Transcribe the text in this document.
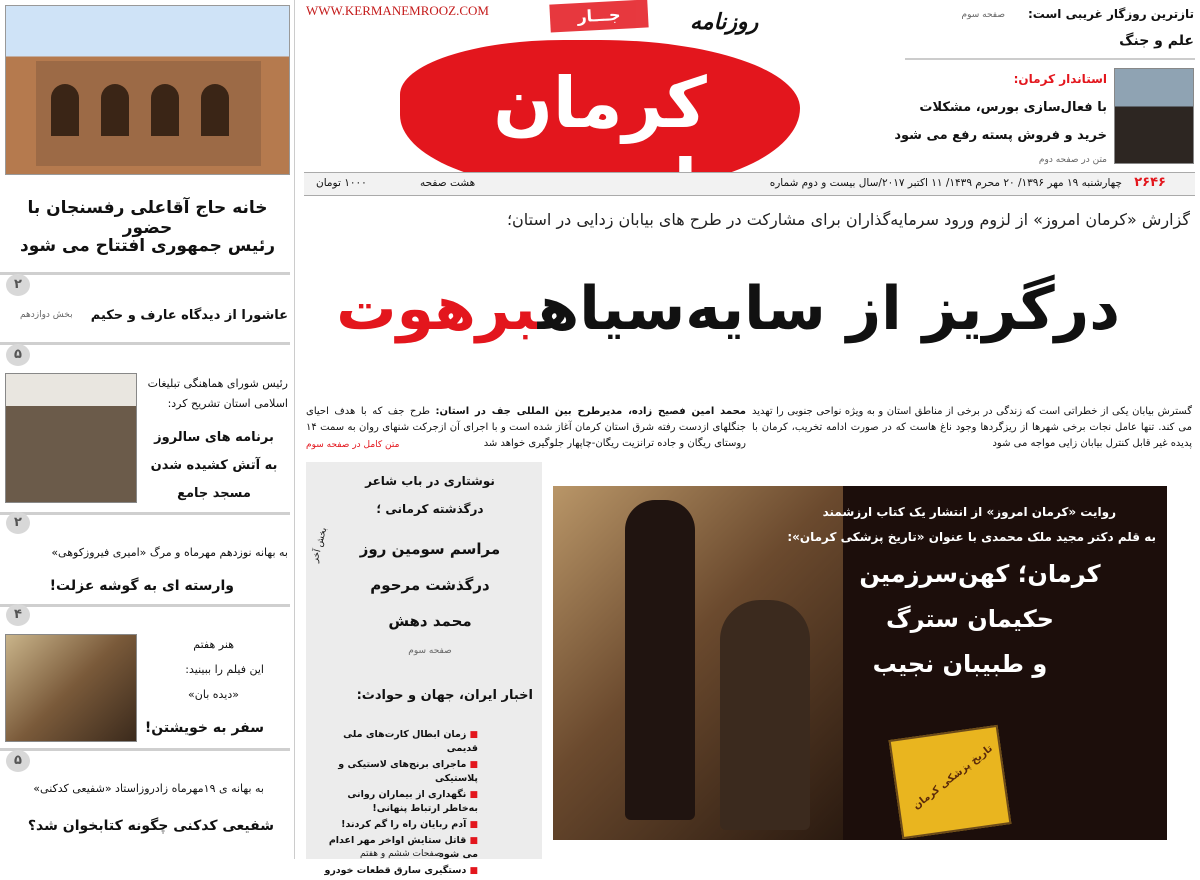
خانه حاج آقاعلی رفسنجان با حضور
رئیس جمهوری افتتاح می شود
۲
عاشورا از دیدگاه عارف و حکیم
بخش دوازدهم
۵
رئیس شورای هماهنگی تبلیغات اسلامی استان تشریح کرد:
برنامه های سالروز
به آتش کشیده شدن
مسجد جامع
۲
به بهانه نوزدهم مهرماه و مرگ «امیری فیروزکوهی»
وارسته ای به گوشه عزلت!
۴
هنر هفتم
این فیلم را ببینید:
«دیده بان»
سفر به خویشتن!
۵
به بهانه ی ۱۹مهرماه زادروزاستاد «شفیعی کدکنی»
شفیعی کدکنی چگونه کتابخوان شد؟
WWW.KERMANEMROOZ.COM	جـــار	روزنامه
کرمان
تازترین روزگار غریبی است:
صفحه سوم
علم و جنگ
استاندار کرمان:
با فعال‌سازی بورس، مشکلات
خرید و فروش پسته رفع می شود
متن در صفحه دوم
چهارشنبه ۱۹ مهر ۱۳۹۶/ ۲۰ محرم ۱۴۳۹/ ۱۱ اکتبر ۲۰۱۷/سال بیست و دوم شماره ۲۶۴۶
هشت صفحه
۱۰۰۰ تومان
گزارش «کرمان امروز» از لزوم ورود سرمایه‌گذاران برای مشارکت در طرح های بیابان زدایی در استان؛
درگریز از سایه‌سیاهبرهوت
گسترش بیابان یکی از خطراتی است که زندگی در برخی از مناطق استان و به ویژه نواحی جنوبی را تهدید می کند. تنها عامل نجات برخی شهرها از ریزگردها وجود ناغ هاست که در صورت ادامه تخریب، کرمان با پدیده غیر قابل کنترل بیابان زایی مواجه می شود
محمد امین فصیح زاده، مدیرطرح بین المللی جف در استان: طرح جف که با هدف احیای جنگلهای ازدست رفته شرق استان کرمان آغاز شده است و با اجرای آن ازجرکت شنهای روان به سمت ۱۴ روستای ریگان و جاده ترانزیت ریگان-چاپهار جلوگیری خواهد شد
متن کامل در صفحه سوم
نوشتاری در باب شاعر
درگذشته کرمانی ؛
بخش آخر	مراسم سومین روز
درگذشت مرحوم
محمد دهش
صفحه سوم
اخبار ایران، جهان و حوادث:
■ زمان ابطال کارت‌های ملی قدیمی
■ ماجرای برنج‌های لاستیکی و پلاستیکی
■ نگهداری از بیماران روانی به‌خاطر ارتباط پنهانی!
■ آدم ربایان راه را گم کردند!
■ قاتل ستایش اواخر مهر اعدام می شود
■ دستگیری سارق قطعات خودرو
صفحات ششم و هفتم
تاریخ پزشکی کرمان
روایت «کرمان امروز» از انتشار یک کتاب ارزشمند
به قلم دکتر مجید ملک محمدی با عنوان «تاریخ پزشکی کرمان»:
کرمان؛ کهن‌سرزمین
حکیمان سترگ
و طبیبان نجیب
